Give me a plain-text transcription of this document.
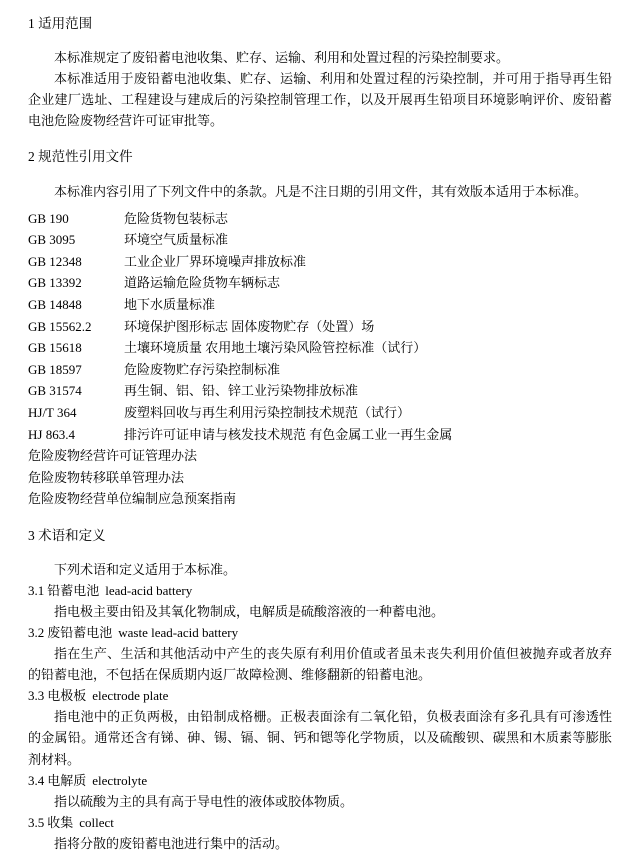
1 适用范围

本标准规定了废铅蓄电池收集、贮存、运输、利用和处置过程的污染控制要求。

本标准适用于废铅蓄电池收集、贮存、运输、利用和处置过程的污染控制，并可用于指导再生铅企业建厂选址、工程建设与建成后的污染控制管理工作，以及开展再生铅项目环境影响评价、废铅蓄电池危险废物经营许可证审批等。

2 规范性引用文件

本标准内容引用了下列文件中的条款。凡是不注日期的引用文件，其有效版本适用于本标准。

GB 190	危险货物包装标志
GB 3095	环境空气质量标准
GB 12348	工业企业厂界环境噪声排放标准
GB 13392	道路运输危险货物车辆标志
GB 14848	地下水质量标准
GB 15562.2	环境保护图形标志 固体废物贮存（处置）场
GB 15618	土壤环境质量 农用地土壤污染风险管控标准（试行）
GB 18597	危险废物贮存污染控制标准
GB 31574	再生铜、铝、铅、锌工业污染物排放标准
HJ/T 364	废塑料回收与再生利用污染控制技术规范（试行）
HJ 863.4	排污许可证申请与核发技术规范 有色金属工业一再生金属
危险废物经营许可证管理办法
危险废物转移联单管理办法
危险废物经营单位编制应急预案指南
3 术语和定义

下列术语和定义适用于本标准。

3.1 铅蓄电池 lead-acid battery

指电极主要由铅及其氧化物制成，电解质是硫酸溶液的一种蓄电池。

3.2 废铅蓄电池 waste lead-acid battery

指在生产、生活和其他活动中产生的丧失原有利用价值或者虽未丧失利用价值但被抛弃或者放弃的铅蓄电池，不包括在保质期内返厂故障检测、维修翻新的铅蓄电池。

3.3 电极板 electrode plate

指电池中的正负两极，由铅制成格栅。正极表面涂有二氧化铅，负极表面涂有多孔具有可渗透性的金属铅。通常还含有锑、砷、锡、镉、铜、钙和锶等化学物质，以及硫酸钡、碳黑和木质素等膨胀剂材料。

3.4 电解质 electrolyte

指以硫酸为主的具有高于导电性的液体或胶体物质。

3.5 收集 collect

指将分散的废铅蓄电池进行集中的活动。
